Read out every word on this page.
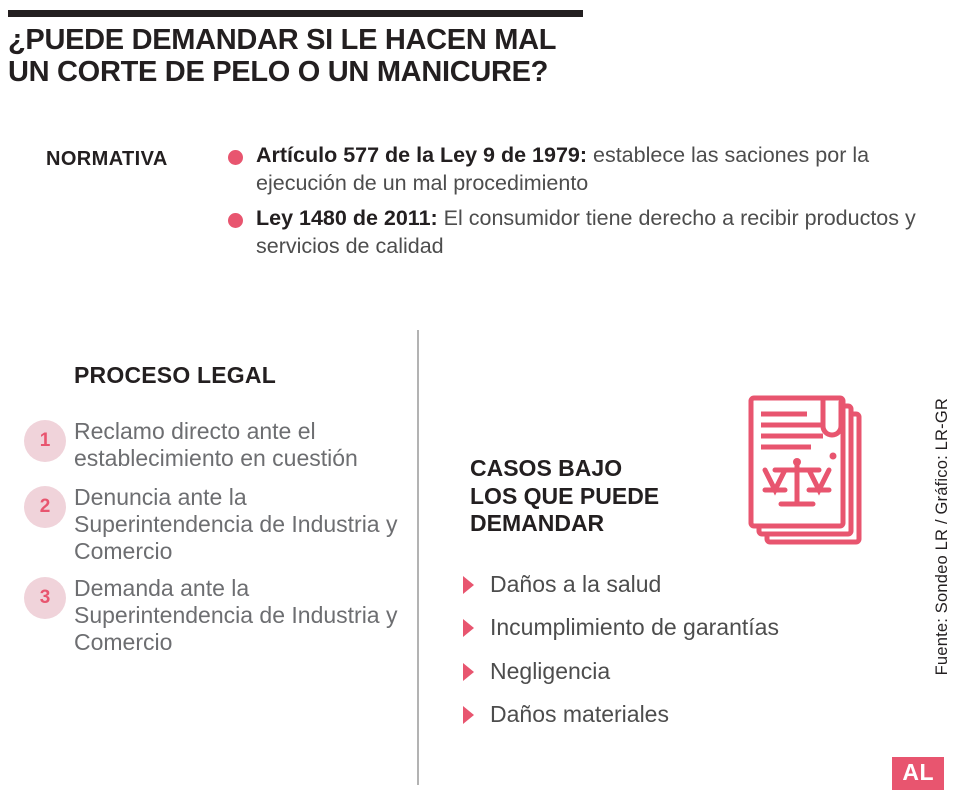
¿PUEDE DEMANDAR SI LE HACEN MAL
UN CORTE DE PELO O UN MANICURE?
NORMATIVA	Artículo 577 de la Ley 9 de 1979: establece las saciones por la ejecución de un mal procedimiento
Ley 1480 de 2011: El consumidor tiene derecho a recibir productos y servicios de calidad
PROCESO LEGAL
1	Reclamo directo ante el establecimiento en cuestión
2	Denuncia ante la Superintendencia de Industria y Comercio
3	Demanda ante la Superintendencia de Industria y Comercio
CASOS BAJO
LOS QUE PUEDE
DEMANDAR
Daños a la salud
Incumplimiento de garantías
Negligencia
Daños materiales
Fuente: Sondeo LR / Gráfico: LR-GR
AL
